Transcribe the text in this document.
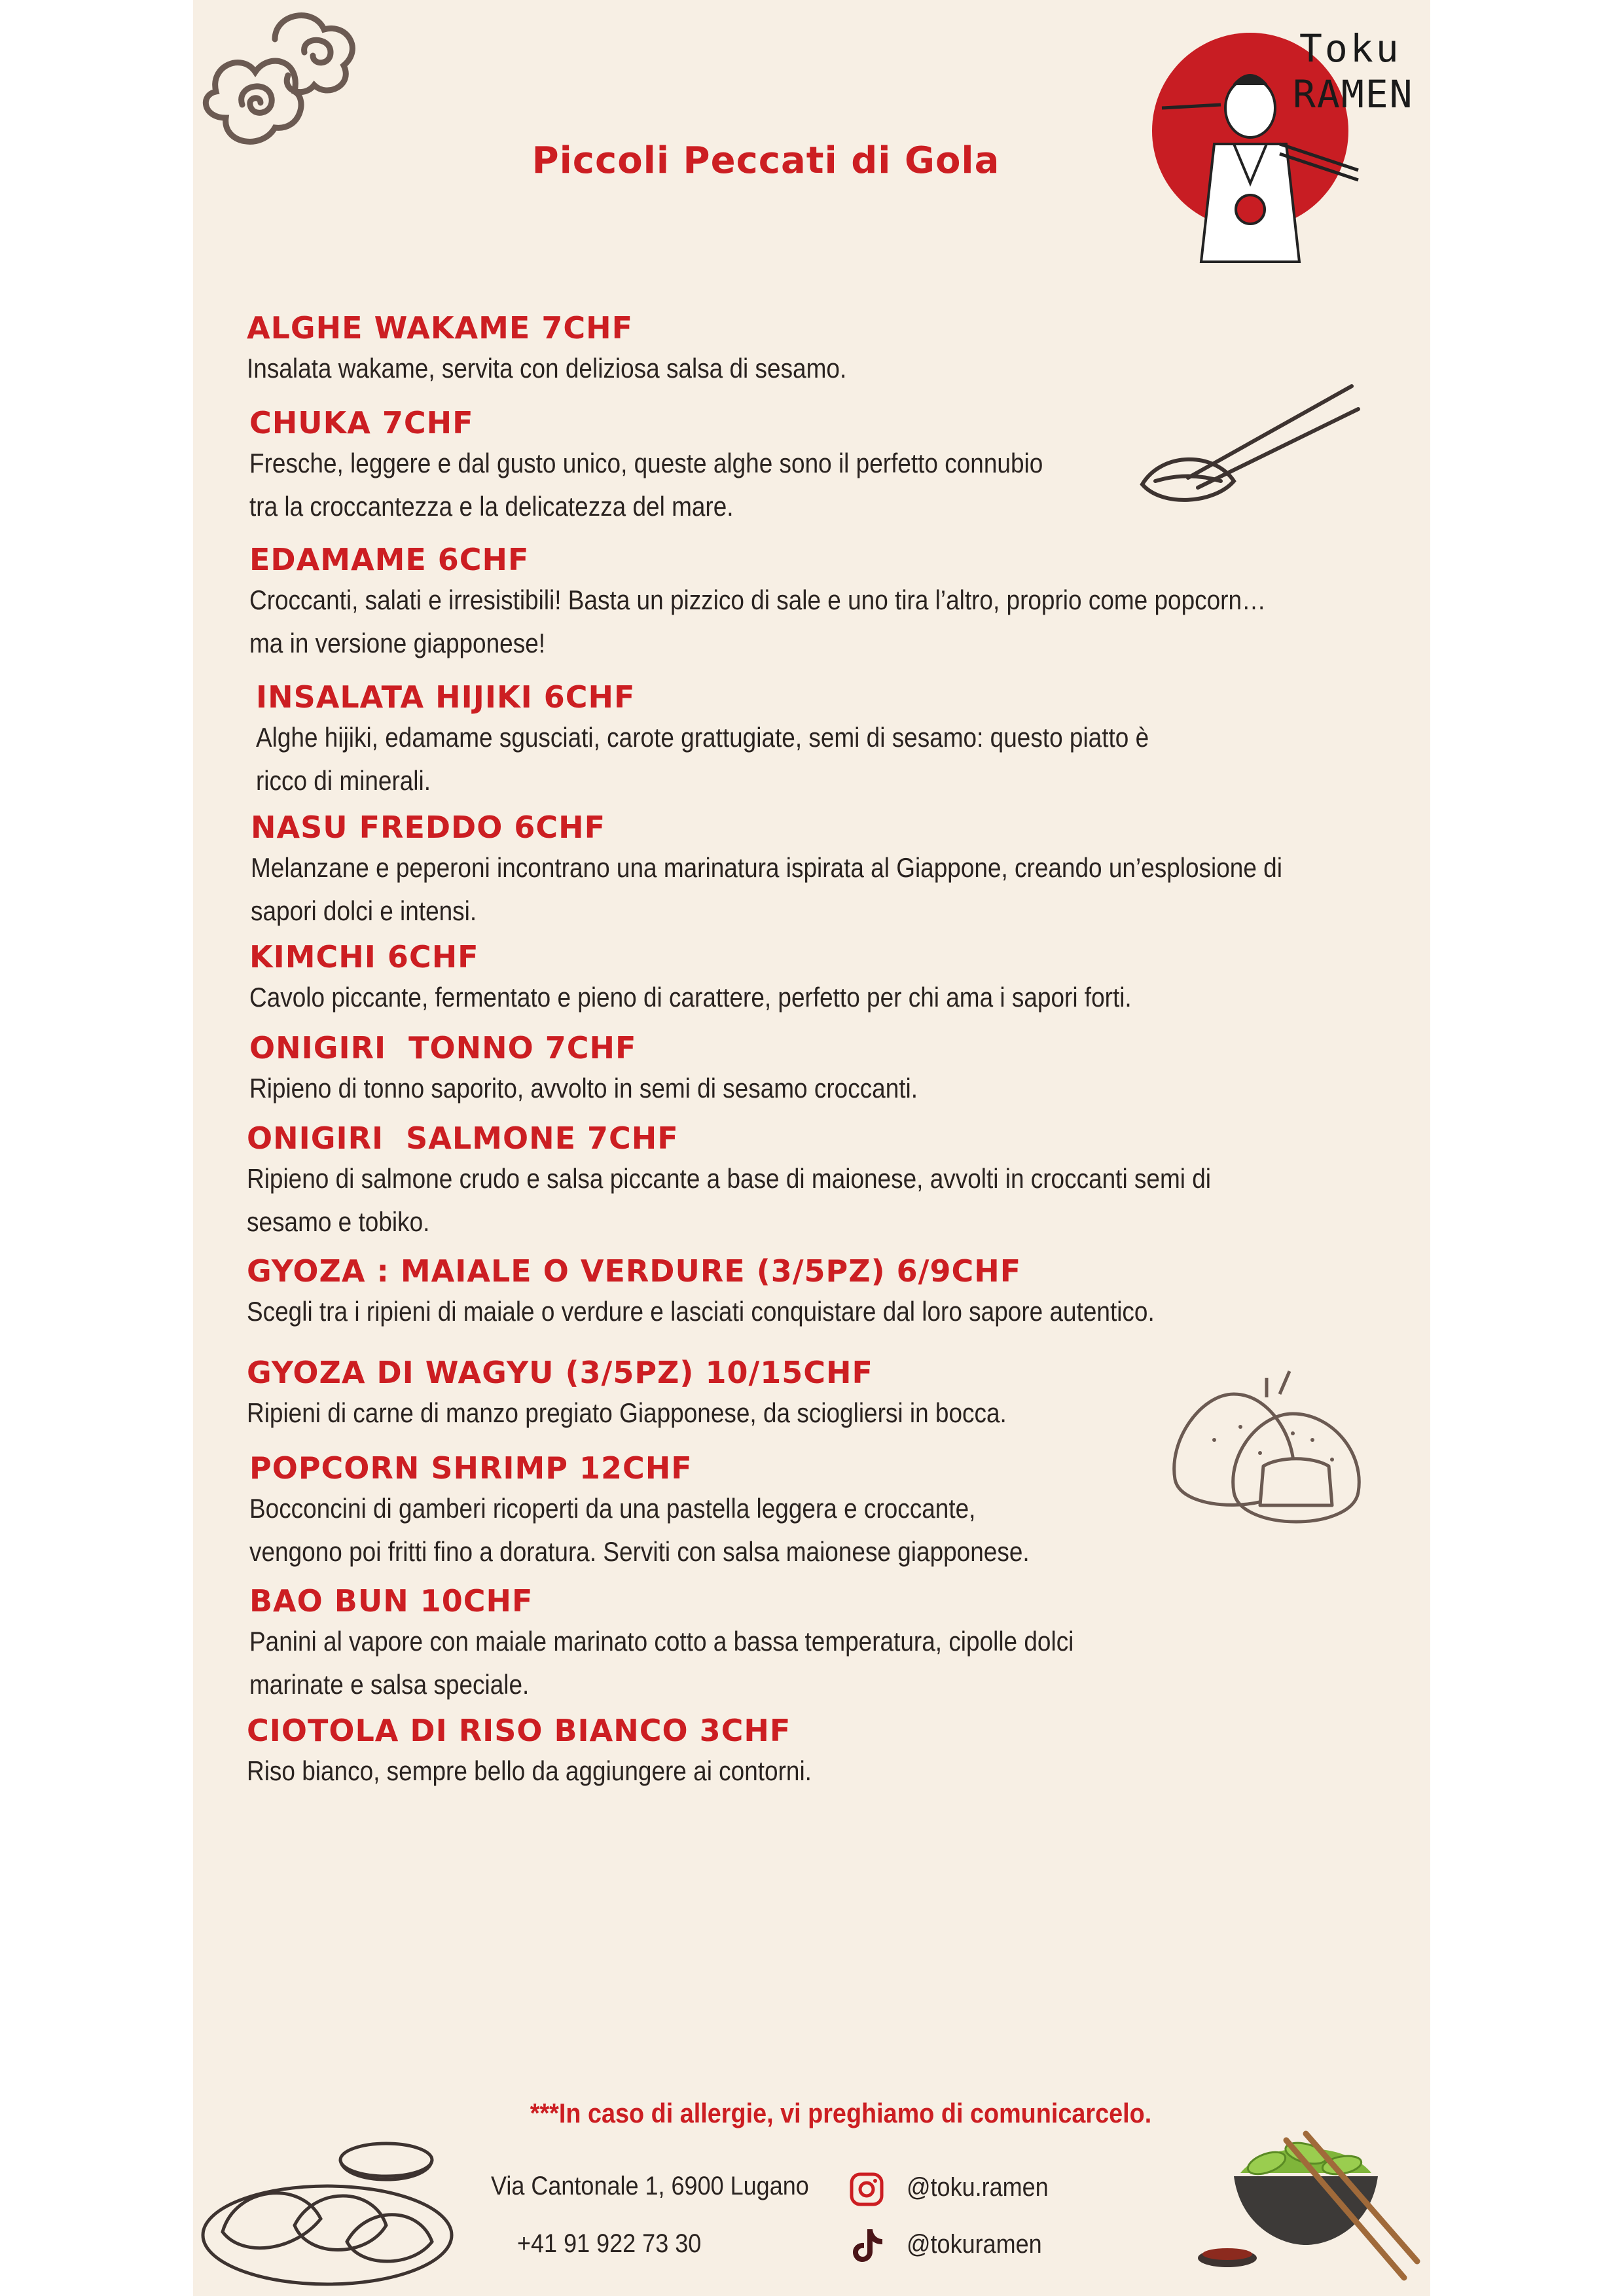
Piccoli Peccati di Gola
Toku
RAMEN
ALGHE WAKAME 7CHF
Insalata wakame, servita con deliziosa salsa di sesamo.
CHUKA 7CHF
Fresche, leggere e dal gusto unico, queste alghe sono il perfetto connubio
tra la croccantezza e la delicatezza del mare.
EDAMAME 6CHF
Croccanti, salati e irresistibili! Basta un pizzico di sale e uno tira l’altro, proprio come popcorn…
ma in versione giapponese!
INSALATA HIJIKI 6CHF
Alghe hijiki, edamame sgusciati, carote grattugiate, semi di sesamo: questo piatto è
ricco di minerali.
NASU FREDDO 6CHF
Melanzane e peperoni incontrano una marinatura ispirata al Giappone, creando un’esplosione di
sapori dolci e intensi.
KIMCHI 6CHF
Cavolo piccante, fermentato e pieno di carattere, perfetto per chi ama i sapori forti.
ONIGIRI  TONNO 7CHF
Ripieno di tonno saporito, avvolto in semi di sesamo croccanti.
ONIGIRI  SALMONE 7CHF
Ripieno di salmone crudo e salsa piccante a base di maionese, avvolti in croccanti semi di
sesamo e tobiko.
GYOZA : MAIALE O VERDURE (3/5PZ) 6/9CHF
Scegli tra i ripieni di maiale o verdure e lasciati conquistare dal loro sapore autentico.
GYOZA DI WAGYU (3/5PZ) 10/15CHF
Ripieni di carne di manzo pregiato Giapponese, da sciogliersi in bocca.
POPCORN SHRIMP 12CHF
Bocconcini di gamberi ricoperti da una pastella leggera e croccante,
vengono poi fritti fino a doratura. Serviti con salsa maionese giapponese.
BAO BUN 10CHF
Panini al vapore con maiale marinato cotto a bassa temperatura, cipolle dolci
marinate e salsa speciale.
CIOTOLA DI RISO BIANCO 3CHF
Riso bianco, sempre bello da aggiungere ai contorni.
***In caso di allergie, vi preghiamo di comunicarcelo.
Via Cantonale 1, 6900 Lugano
+41 91 922 73 30
@toku.ramen
@tokuramen
